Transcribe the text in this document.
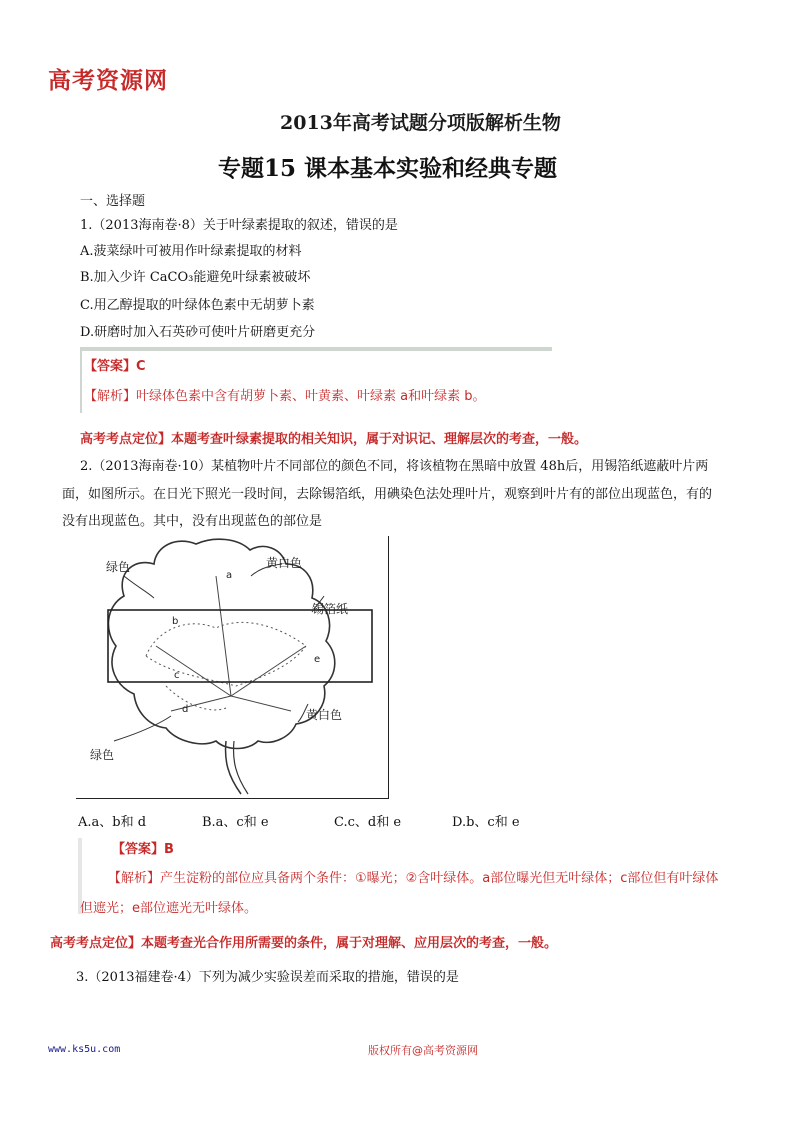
高考资源网
2013年高考试题分项版解析生物
专题15 课本基本实验和经典专题
一、选择题
1.（2013海南卷·8）关于叶绿素提取的叙述，错误的是
A.菠菜绿叶可被用作叶绿素提取的材料
B.加入少许 CaCO₃能避免叶绿素被破坏
C.用乙醇提取的叶绿体色素中无胡萝卜素
D.研磨时加入石英砂可使叶片研磨更充分
【答案】C
【解析】叶绿体色素中含有胡萝卜素、叶黄素、叶绿素 a和叶绿素 b。
高考考点定位】本题考查叶绿素提取的相关知识，属于对识记、理解层次的考查，一般。
2.（2013海南卷·10）某植物叶片不同部位的颜色不同，将该植物在黑暗中放置 48h后，用锡箔纸遮蔽叶片两
面，如图所示。在日光下照光一段时间，去除锡箔纸，用碘染色法处理叶片，观察到叶片有的部位出现蓝色，有的
没有出现蓝色。其中，没有出现蓝色的部位是
绿色	黄白色
锡箔纸
黄白色
绿色
a
b
c
d
e
A.a、b和 d	B.a、c和 e	C.c、d和 e	D.b、c和 e
【答案】B
【解析】产生淀粉的部位应具备两个条件：①曝光；②含叶绿体。a部位曝光但无叶绿体；c部位但有叶绿体
但遮光；e部位遮光无叶绿体。
高考考点定位】本题考查光合作用所需要的条件，属于对理解、应用层次的考查，一般。
3.（2013福建卷·4）下列为减少实验误差而采取的措施，错误的是
www.ks5u.com	版权所有@高考资源网
